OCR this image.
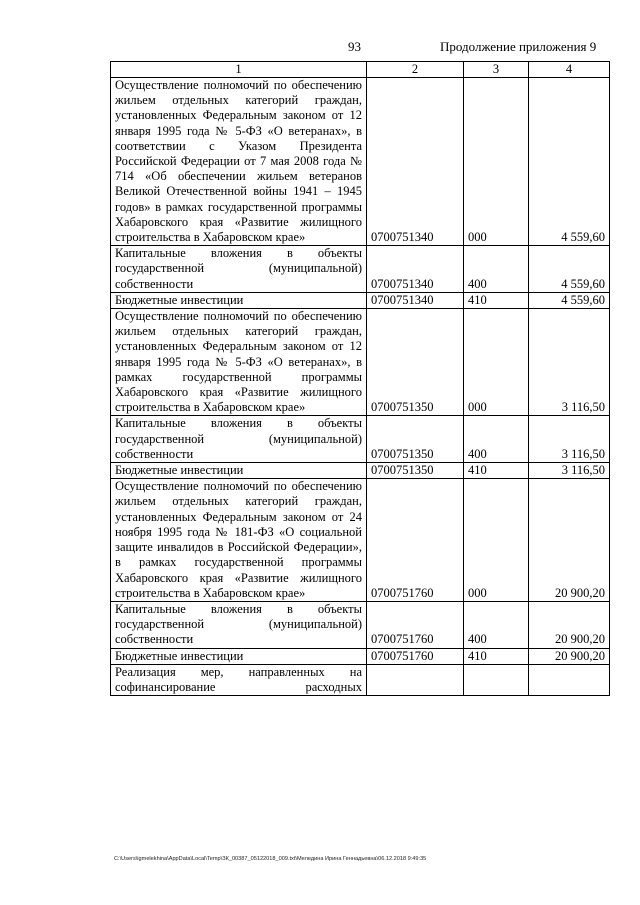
93	Продолжение приложения 9
1	2	3	4
Осуществление полномочий по обеспечению жильем отдельных категорий граждан, установленных Федеральным законом от 12 января 1995 года № 5-ФЗ «О ветеранах», в соответствии с Указом Президента Российской Федерации от 7 мая 2008 года № 714 «Об обеспечении жильем ветеранов Великой Отечественной войны 1941 – 1945 годов» в рамках государственной программы Хабаровского края «Развитие жилищного строительства в Хабаровском крае»	0700751340	000	4 559,60
Капитальные вложения в объекты государственной (муниципальной) собственности	0700751340	400	4 559,60
Бюджетные инвестиции	0700751340	410	4 559,60
Осуществление полномочий по обеспечению жильем отдельных категорий граждан, установленных Федеральным законом от 12 января 1995 года № 5-ФЗ «О ветеранах», в рамках государственной программы Хабаровского края «Развитие жилищного строительства в Хабаровском крае»	0700751350	000	3 116,50
Капитальные вложения в объекты государственной (муниципальной) собственности	0700751350	400	3 116,50
Бюджетные инвестиции	0700751350	410	3 116,50
Осуществление полномочий по обеспечению жильем отдельных категорий граждан, установленных Федеральным законом от 24 ноября 1995 года № 181-ФЗ «О социальной защите инвалидов в Российской Федерации», в рамках государственной программы Хабаровского края «Развитие жилищного строительства в Хабаровском крае»	0700751760	000	20 900,20
Капитальные вложения в объекты государственной (муниципальной) собственности	0700751760	400	20 900,20
Бюджетные инвестиции	0700751760	410	20 900,20
Реализация мер, направленных на софинансирование расходных			
C:\Users\igmelekhina\AppData\Local\Temp\ЗК_00387_05122018_009.txt\Меледина Ирина Геннадьевна\06.12.2018 9:49:35
